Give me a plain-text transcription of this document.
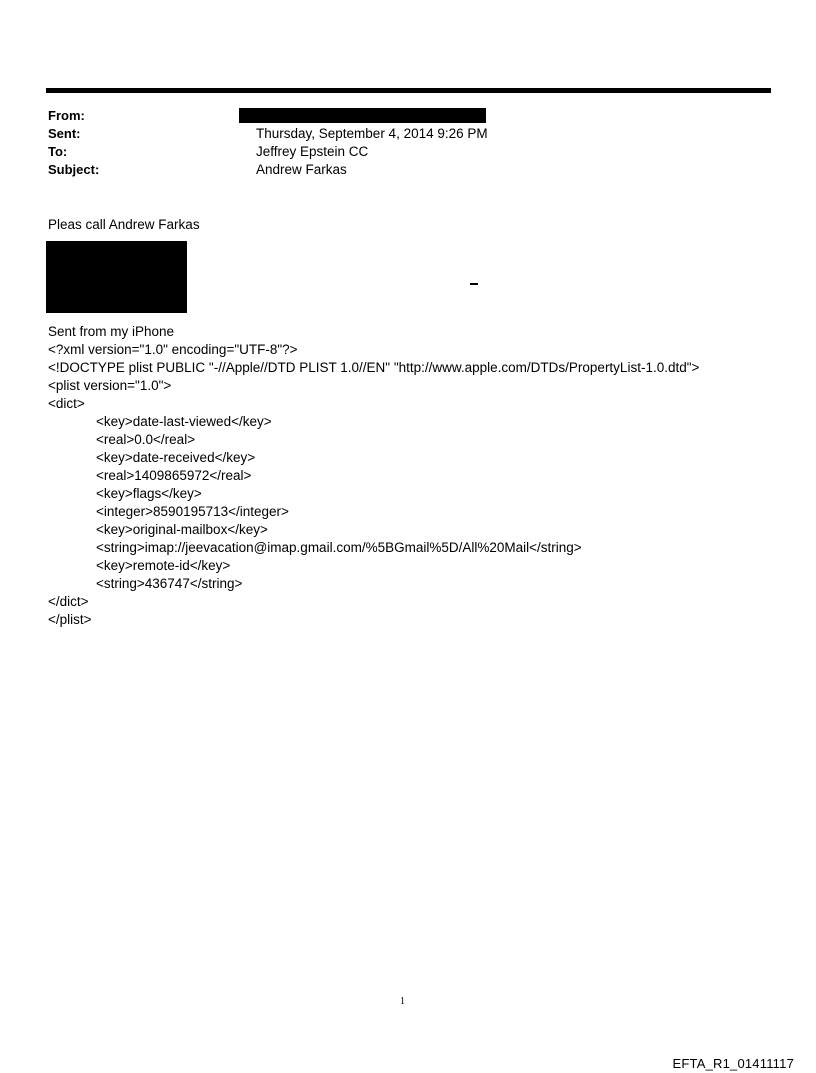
From:
Sent:	Thursday, September 4, 2014 9:26 PM
To:	Jeffrey Epstein CC
Subject:	Andrew Farkas
Pleas call Andrew Farkas
Sent from my iPhone
<?xml version="1.0" encoding="UTF-8"?>
<!DOCTYPE plist PUBLIC "-//Apple//DTD PLIST 1.0//EN" "http://www.apple.com/DTDs/PropertyList-1.0.dtd">
<plist version="1.0">
<dict>
<key>date-last-viewed</key>
<real>0.0</real>
<key>date-received</key>
<real>1409865972</real>
<key>flags</key>
<integer>8590195713</integer>
<key>original-mailbox</key>
<string>imap://jeevacation@imap.gmail.com/%5BGmail%5D/All%20Mail</string>
<key>remote-id</key>
<string>436747</string>
</dict>
</plist>
1
EFTA_R1_01411117
